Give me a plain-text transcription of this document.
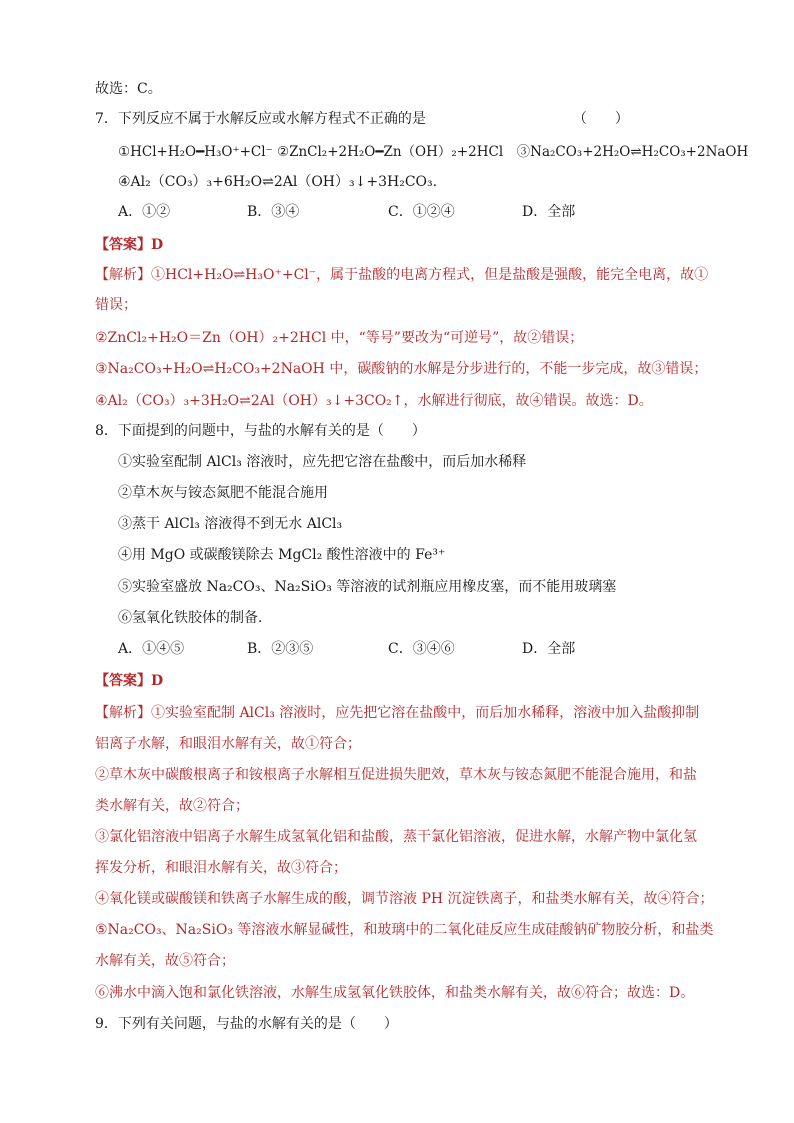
故选：C。
7．下列反应不属于水解反应或水解方程式不正确的是　　　　　　　　　　　（　　）
①HCl+H₂O━H₃O⁺+Cl⁻ ②ZnCl₂+2H₂O━Zn（OH）₂+2HCl　③Na₂CO₃+2H₂O⇌H₂CO₃+2NaOH
④Al₂（CO₃）₃+6H₂O⇌2Al（OH）₃↓+3H₂CO₃.
A．①②	B．③④	C．①②④	D．全部
【答案】D
【解析】①HCl+H₂O⇌H₃O⁺+Cl⁻，属于盐酸的电离方程式，但是盐酸是强酸，能完全电离，故①
错误；
②ZnCl₂+H₂O＝Zn（OH）₂+2HCl 中，“等号”要改为“可逆号”，故②错误；
③Na₂CO₃+H₂O⇌H₂CO₃+2NaOH 中，碳酸钠的水解是分步进行的，不能一步完成，故③错误；
④Al₂（CO₃）₃+3H₂O⇌2Al（OH）₃↓+3CO₂↑，水解进行彻底，故④错误。故选：D。
8．下面提到的问题中，与盐的水解有关的是（　　）
①实验室配制 AlCl₃ 溶液时，应先把它溶在盐酸中，而后加水稀释
②草木灰与铵态氮肥不能混合施用
③蒸干 AlCl₃ 溶液得不到无水 AlCl₃
④用 MgO 或碳酸镁除去 MgCl₂ 酸性溶液中的 Fe³⁺
⑤实验室盛放 Na₂CO₃、Na₂SiO₃ 等溶液的试剂瓶应用橡皮塞，而不能用玻璃塞
⑥氢氧化铁胶体的制备．
A．①④⑤	B．②③⑤	C．③④⑥	D．全部
【答案】D
【解析】①实验室配制 AlCl₃ 溶液时，应先把它溶在盐酸中，而后加水稀释，溶液中加入盐酸抑制
铝离子水解，和眼泪水解有关，故①符合；
②草木灰中碳酸根离子和铵根离子水解相互促进损失肥效，草木灰与铵态氮肥不能混合施用，和盐
类水解有关，故②符合；
③氯化铝溶液中铝离子水解生成氢氧化铝和盐酸，蒸干氯化铝溶液，促进水解，水解产物中氯化氢
挥发分析，和眼泪水解有关，故③符合；
④氧化镁或碳酸镁和铁离子水解生成的酸，调节溶液 PH 沉淀铁离子，和盐类水解有关，故④符合；
⑤Na₂CO₃、Na₂SiO₃ 等溶液水解显碱性，和玻璃中的二氧化硅反应生成硅酸钠矿物胶分析，和盐类
水解有关，故⑤符合；
⑥沸水中滴入饱和氯化铁溶液，水解生成氢氧化铁胶体，和盐类水解有关，故⑥符合；故选：D。
9．下列有关问题，与盐的水解有关的是（　　）
